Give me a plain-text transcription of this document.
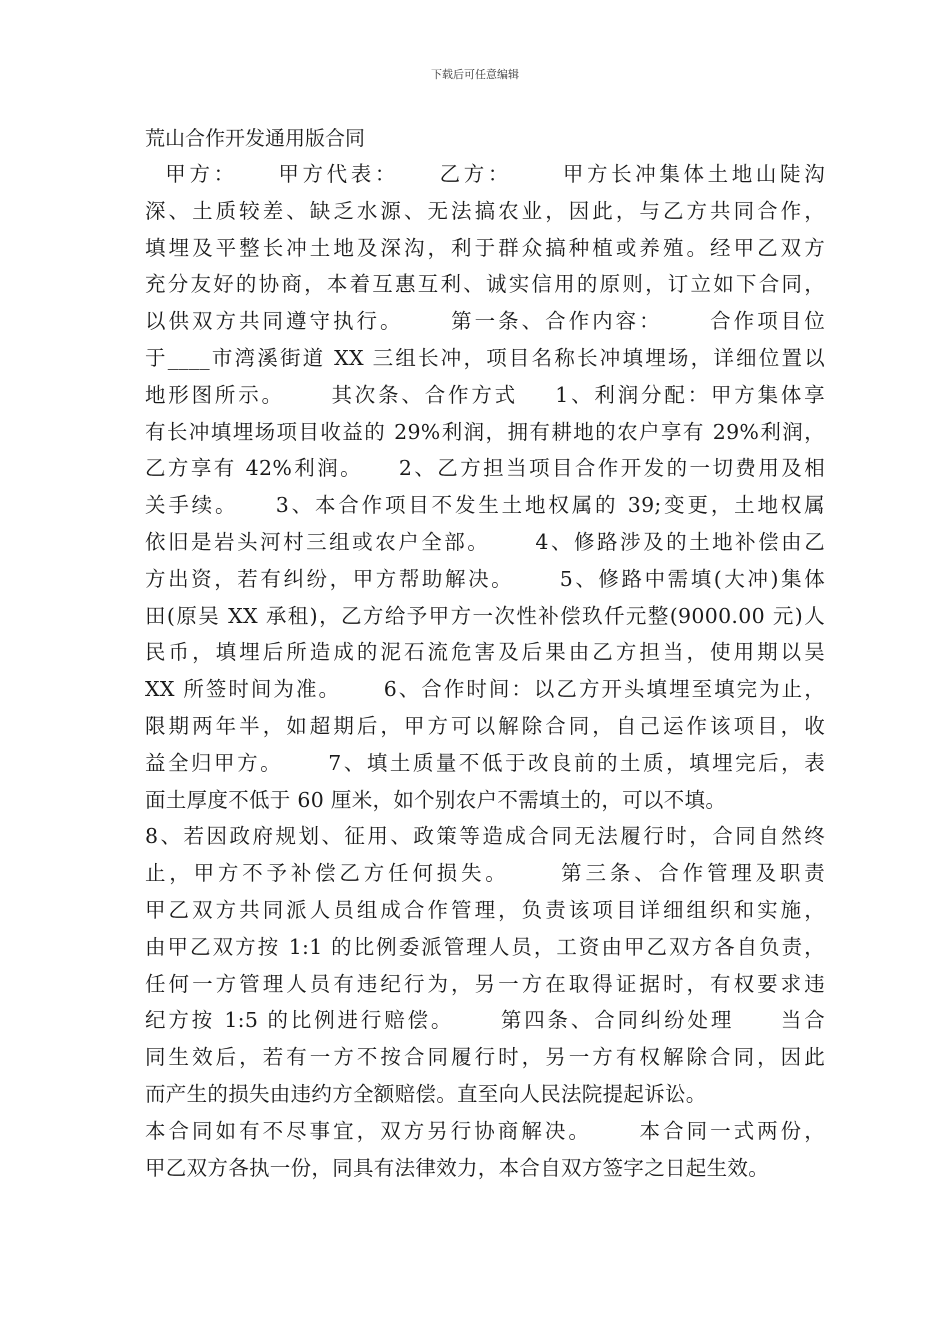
下载后可任意编辑
荒山合作开发通用版合同
甲方：    甲方代表：    乙方：     甲方长冲集体土地山陡沟
深、土质较差、缺乏水源、无法搞农业，因此，与乙方共同合作，
填埋及平整长冲土地及深沟，利于群众搞种植或养殖。经甲乙双方
充分友好的协商，本着互惠互利、诚实信用的原则，订立如下合同，
以供双方共同遵守执行。     第一条、合作内容：     合作项目位
于____市湾溪街道 XX 三组长冲，项目名称长冲填埋场，详细位置以
地形图所示。     其次条、合作方式    1、利润分配：甲方集体享
有长冲填埋场项目收益的 29%利润，拥有耕地的农户享有 29%利润，
乙方享有 42%利润。    2、乙方担当项目合作开发的一切费用及相
关手续。    3、本合作项目不发生土地权属的 39;变更，土地权属
依旧是岩头河村三组或农户全部。     4、修路涉及的土地补偿由乙
方出资，若有纠纷，甲方帮助解决。     5、修路中需填(大冲)集体
田(原吴 XX 承租)，乙方给予甲方一次性补偿玖仟元整(9000.00 元)人
民币，填埋后所造成的泥石流危害及后果由乙方担当，使用期以吴
XX 所签时间为准。     6、合作时间：以乙方开头填埋至填完为止，
限期两年半，如超期后，甲方可以解除合同，自己运作该项目，收
益全归甲方。     7、填土质量不低于改良前的土质，填埋完后，表
面土厚度不低于 60 厘米，如个别农户不需填土的，可以不填。
8、若因政府规划、征用、政策等造成合同无法履行时，合同自然终
止，甲方不予补偿乙方任何损失。     第三条、合作管理及职责
甲乙双方共同派人员组成合作管理，负责该项目详细组织和实施，
由甲乙双方按 1:1 的比例委派管理人员，工资由甲乙双方各自负责，
任何一方管理人员有违纪行为，另一方在取得证据时，有权要求违
纪方按 1:5 的比例进行赔偿。     第四条、合同纠纷处理     当合
同生效后，若有一方不按合同履行时，另一方有权解除合同，因此
而产生的损失由违约方全额赔偿。直至向人民法院提起诉讼。
本合同如有不尽事宜，双方另行协商解决。     本合同一式两份，
甲乙双方各执一份，同具有法律效力，本合自双方签字之日起生效。
